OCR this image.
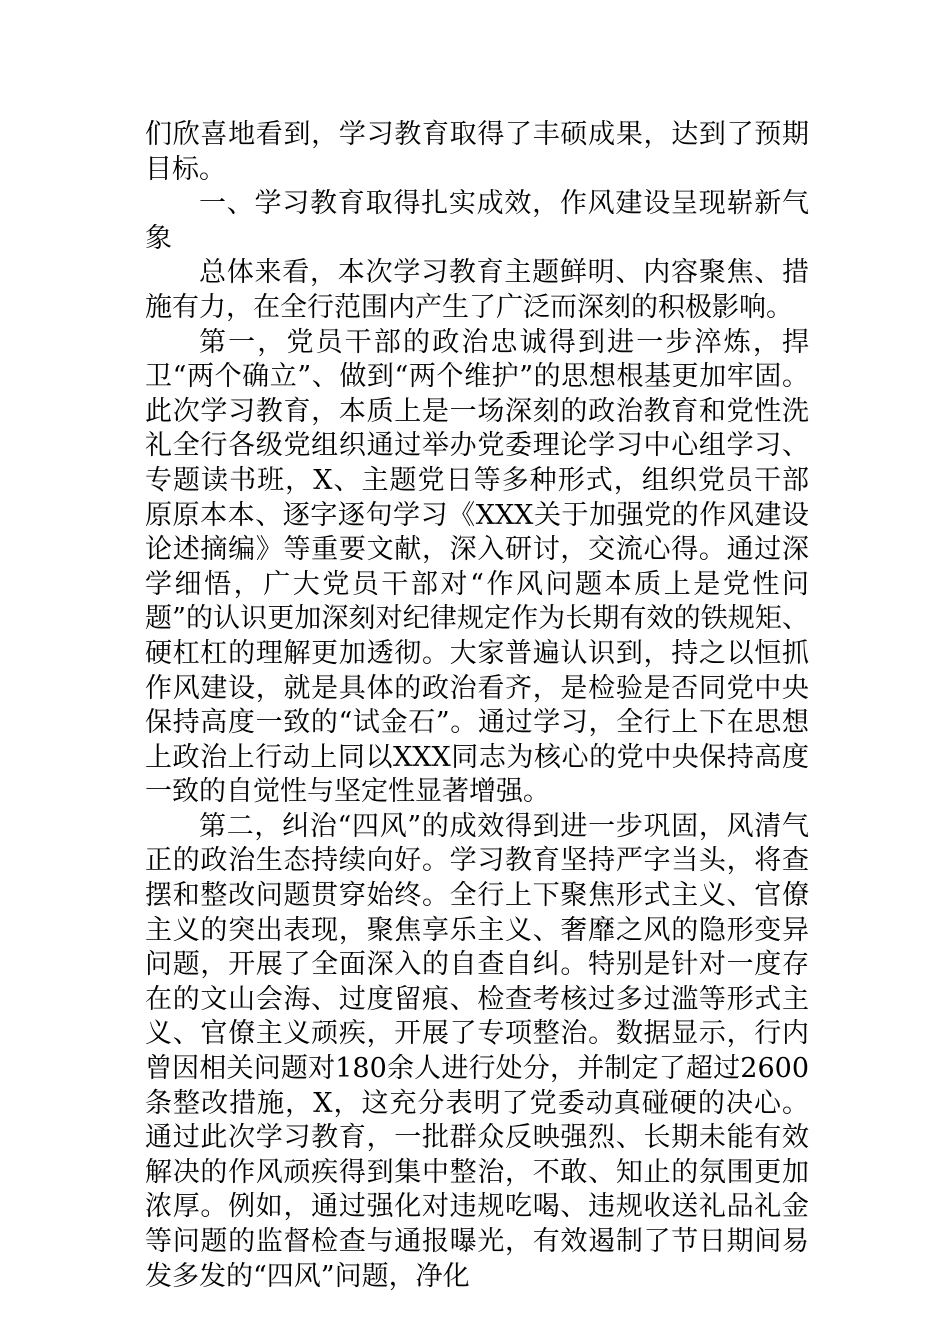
们欣喜地看到，学习教育取得了丰硕成果，达到了预期目标。

一、学习教育取得扎实成效，作风建设呈现崭新气象

总体来看，本次学习教育主题鲜明、内容聚焦、措施有力，在全行范围内产生了广泛而深刻的积极影响。

第一，党员干部的政治忠诚得到进一步淬炼，捍卫“两个确立”、做到“两个维护”的思想根基更加牢固。此次学习教育，本质上是一场深刻的政治教育和党性洗礼全行各级党组织通过举办党委理论学习中心组学习、专题读书班，X、主题党日等多种形式，组织党员干部原原本本、逐字逐句学习《XXX关于加强党的作风建设论述摘编》等重要文献，深入研讨，交流心得。通过深学细悟，广大党员干部对“作风问题本质上是党性问题”的认识更加深刻对纪律规定作为长期有效的铁规矩、硬杠杠的理解更加透彻。大家普遍认识到，持之以恒抓作风建设，就是具体的政治看齐，是检验是否同党中央保持高度一致的“试金石”。通过学习，全行上下在思想上政治上行动上同以XXX同志为核心的党中央保持高度一致的自觉性与坚定性显著增强。

第二，纠治“四风”的成效得到进一步巩固，风清气正的政治生态持续向好。学习教育坚持严字当头，将查摆和整改问题贯穿始终。全行上下聚焦形式主义、官僚主义的突出表现，聚焦享乐主义、奢靡之风的隐形变异问题，开展了全面深入的自查自纠。特别是针对一度存在的文山会海、过度留痕、检查考核过多过滥等形式主义、官僚主义顽疾，开展了专项整治。数据显示，行内曾因相关问题对180余人进行处分，并制定了超过2600条整改措施，X，这充分表明了党委动真碰硬的决心。通过此次学习教育，一批群众反映强烈、长期未能有效解决的作风顽疾得到集中整治，不敢、知止的氛围更加浓厚。例如，通过强化对违规吃喝、违规收送礼品礼金等问题的监督检查与通报曝光，有效遏制了节日期间易发多发的“四风”问题，净化
